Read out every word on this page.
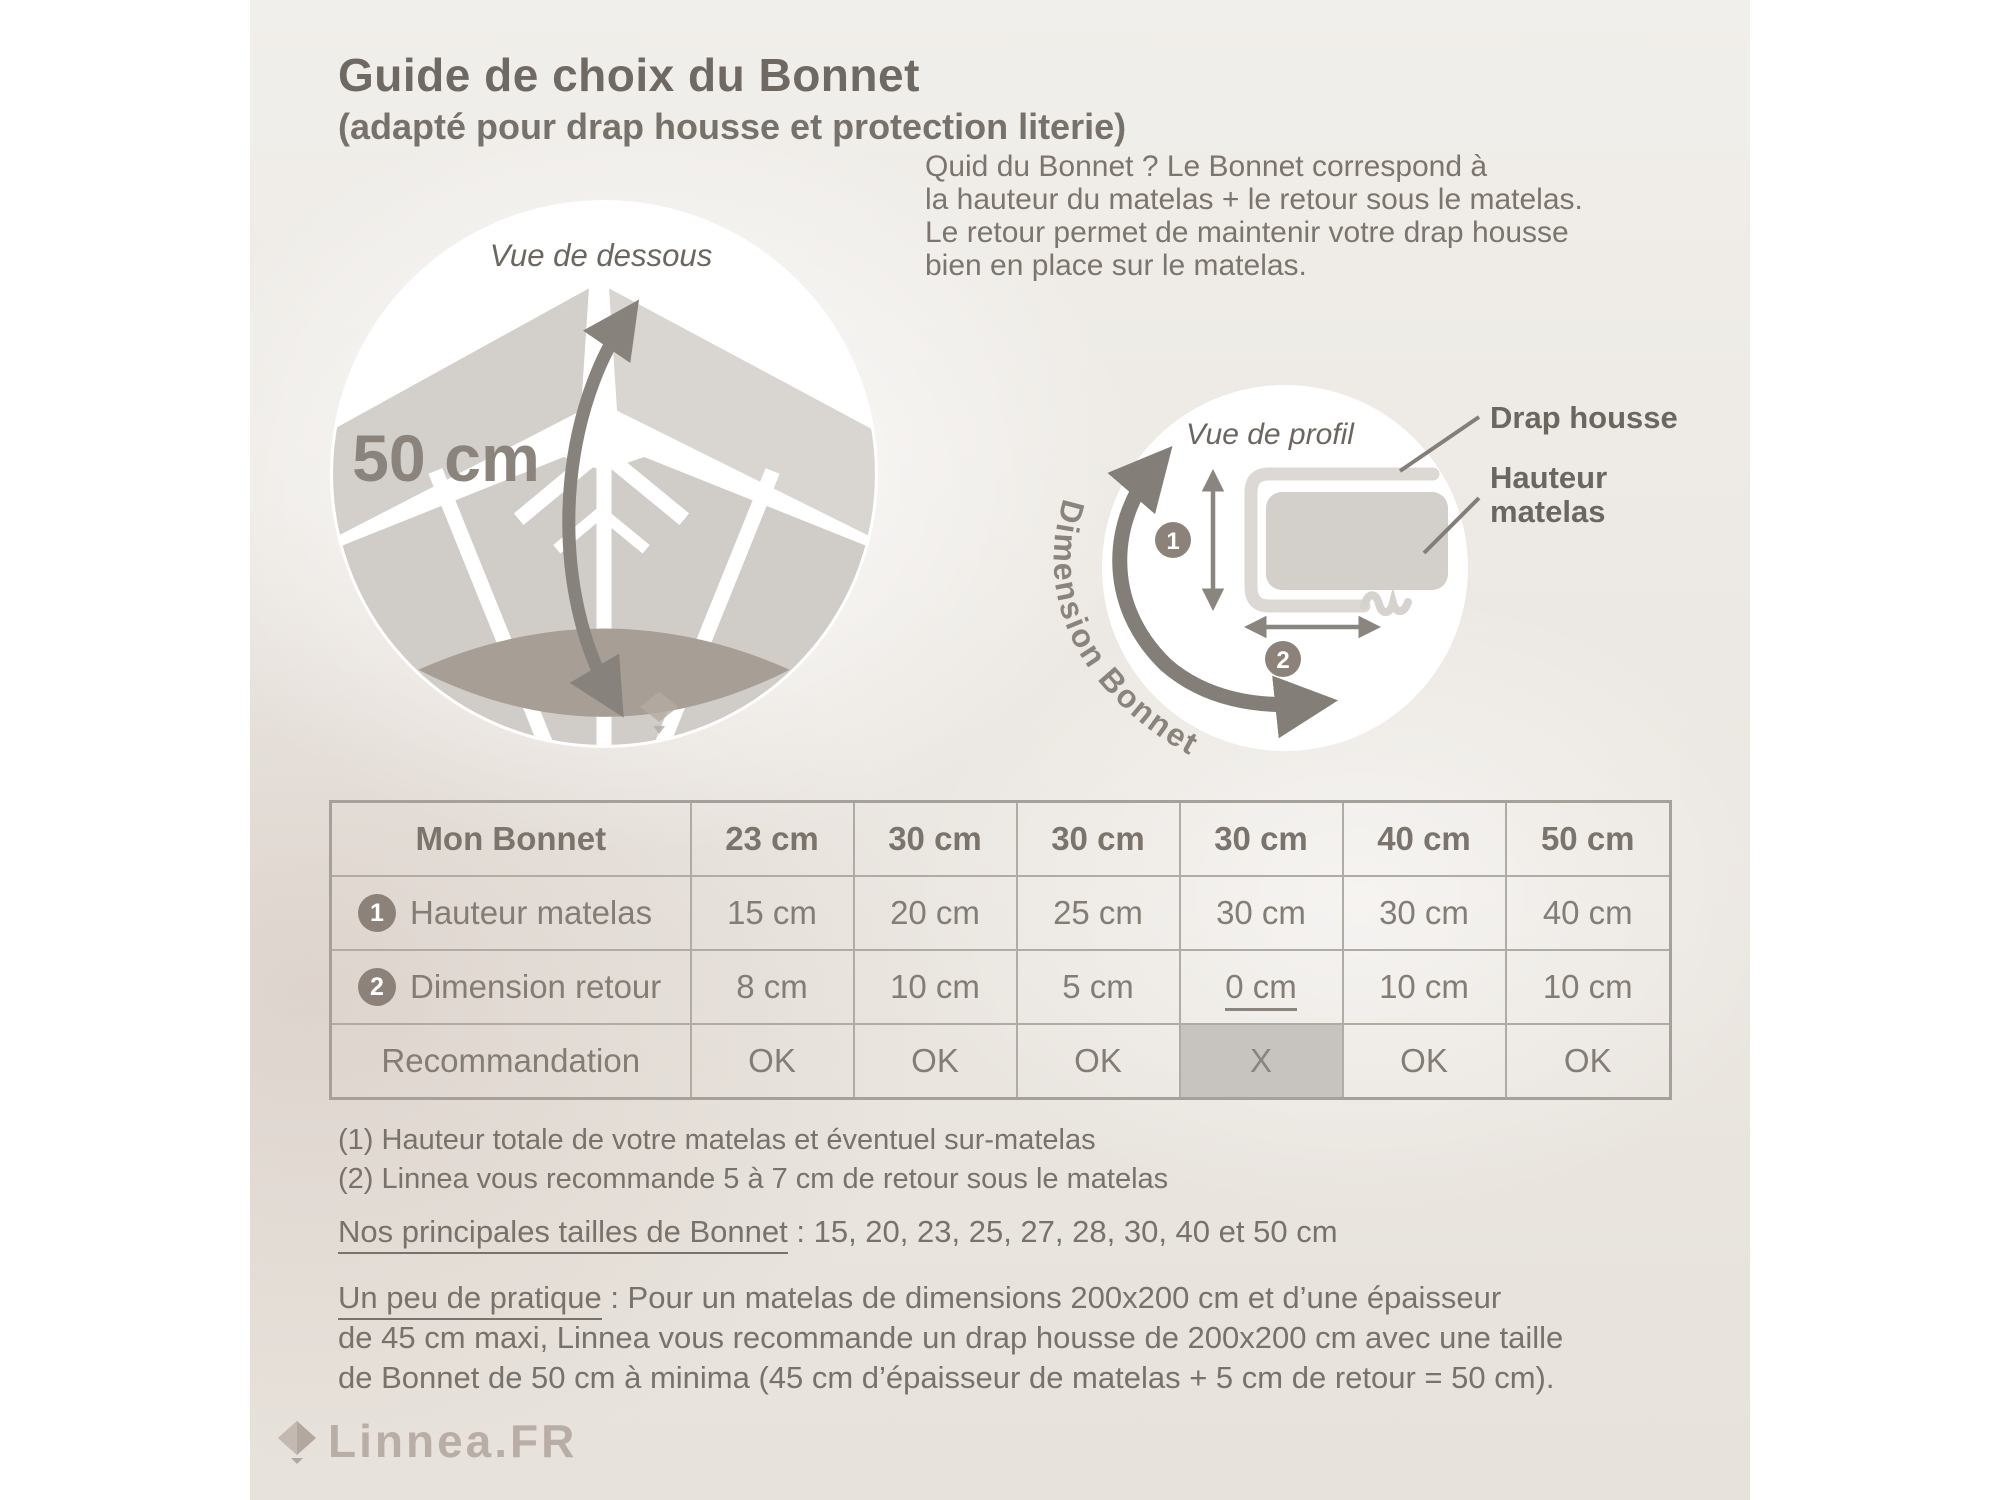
Guide de choix du Bonnet
(adapté pour drap housse et protection literie)
Quid du Bonnet ? Le Bonnet correspond à
la hauteur du matelas + le retour sous le matelas.
Le retour permet de maintenir votre drap housse
bien en place sur le matelas.
Vue de dessous
50 cm	Vue de profil
1
2
Dimension Bonnet
Drap housse
Hauteur
matelas
Mon Bonnet	23 cm	30 cm	30 cm	30 cm	40 cm	50 cm

1 Hauteur matelas	15 cm	20 cm	25 cm	30 cm	30 cm	40 cm

2 Dimension retour	8 cm	10 cm	5 cm	0 cm	10 cm	10 cm
Recommandation	OK	OK	OK	X	OK	OK
(1) Hauteur totale de votre matelas et éventuel sur-matelas
(2) Linnea vous recommande 5 à 7 cm de retour sous le matelas
Nos principales tailles de Bonnet : 15, 20, 23, 25, 27, 28, 30, 40 et 50 cm
Un peu de pratique : Pour un matelas de dimensions 200x200 cm et d’une épaisseur
de 45 cm maxi, Linnea vous recommande un drap housse de 200x200 cm avec une taille
de Bonnet de 50 cm à minima (45 cm d’épaisseur de matelas + 5 cm de retour = 50 cm).
Linnea.FR
